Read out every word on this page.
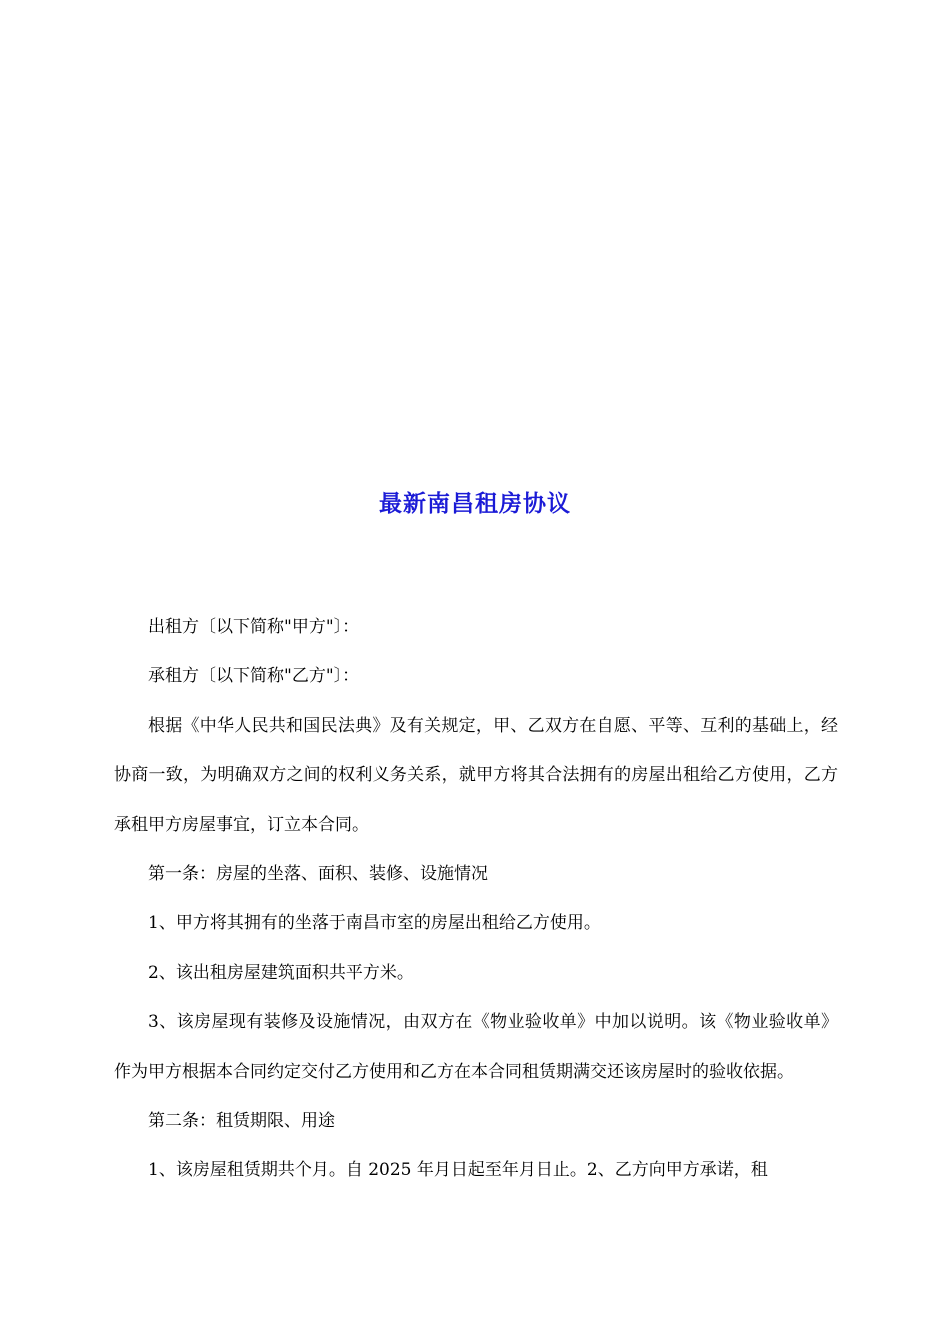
最新南昌租房协议

出租方〔以下简称"甲方"〕：

承租方〔以下简称"乙方"〕：

根据《中华人民共和国民法典》及有关规定，甲、乙双方在自愿、平等、互利的基础上，经协商一致，为明确双方之间的权利义务关系，就甲方将其合法拥有的房屋出租给乙方使用，乙方承租甲方房屋事宜，订立本合同。

第一条：房屋的坐落、面积、装修、设施情况

1、甲方将其拥有的坐落于南昌市室的房屋出租给乙方使用。

2、该出租房屋建筑面积共平方米。

3、该房屋现有装修及设施情况，由双方在《物业验收单》中加以说明。该《物业验收单》作为甲方根据本合同约定交付乙方使用和乙方在本合同租赁期满交还该房屋时的验收依据。

第二条：租赁期限、用途

1、该房屋租赁期共个月。自 2025 年月日起至年月日止。2、乙方向甲方承诺，租
